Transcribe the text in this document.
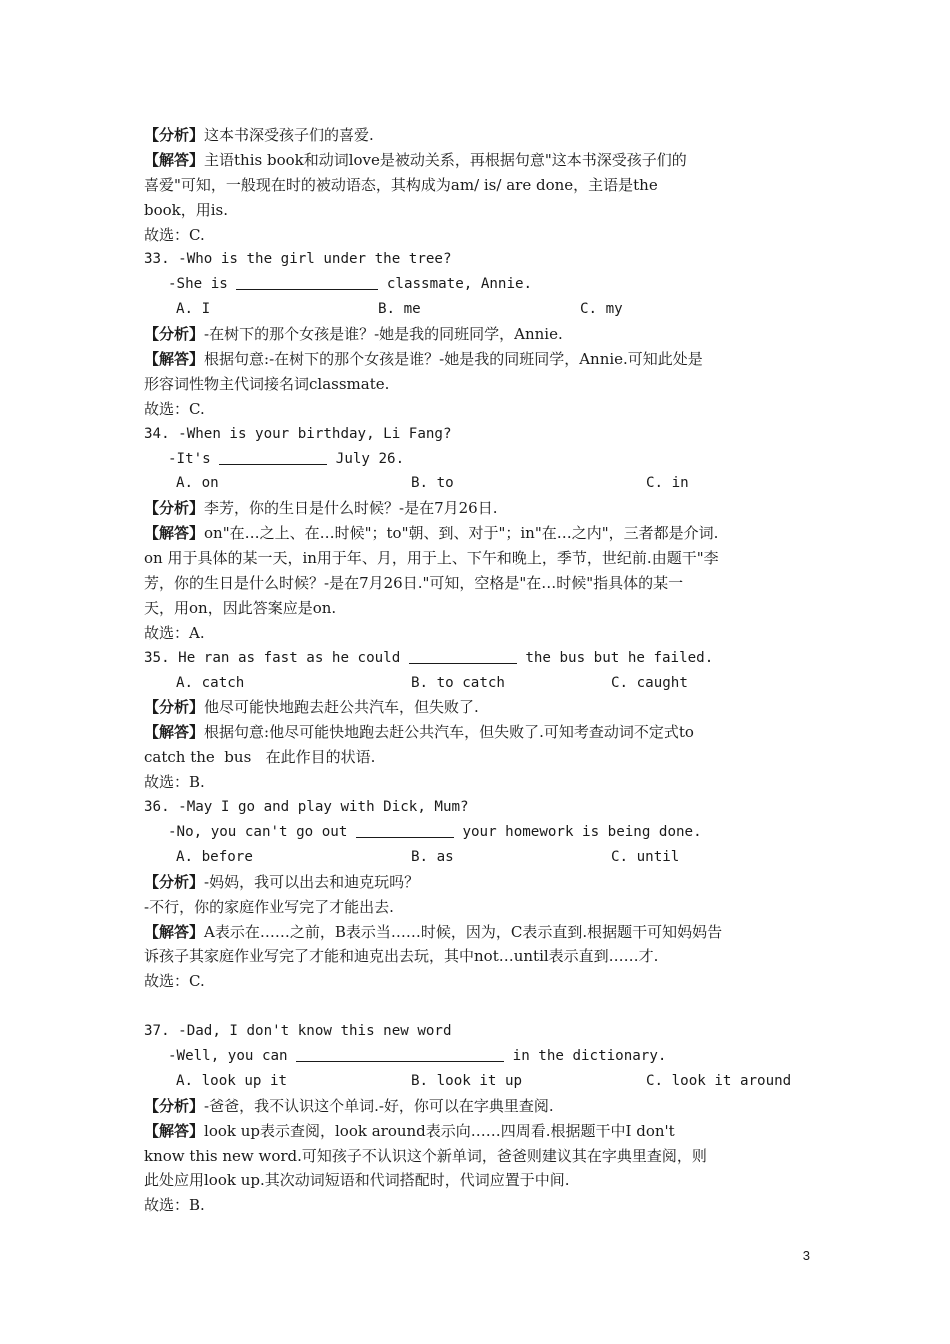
【分析】这本书深受孩子们的喜爱.
【解答】主语this book和动词love是被动关系，再根据句意"这本书深受孩子们的
喜爱"可知，一般现在时的被动语态，其构成为am/ is/ are done，主语是the
book，用is.
故选：C.
33. -Who is the girl under the tree?
-She is	classmate, Annie.
A. I	B. me	C. my
【分析】-在树下的那个女孩是谁？-她是我的同班同学，Annie.
【解答】根据句意:-在树下的那个女孩是谁？-她是我的同班同学，Annie.可知此处是
形容词性物主代词接名词classmate.
故选：C.
34. -When is your birthday, Li Fang?
-It's	July 26.
A. on	B. to	C. in
【分析】李芳，你的生日是什么时候？-是在7月26日.
【解答】on"在…之上、在…时候"；to"朝、到、对于"；in"在…之内"，三者都是介词.
on 用于具体的某一天，in用于年、月，用于上、下午和晚上，季节，世纪前.由题干"李
芳，你的生日是什么时候？-是在7月26日."可知，空格是"在…时候"指具体的某一
天，用on，因此答案应是on.
故选：A.
35. He ran as fast as he could	the bus but he failed.
A. catch	B. to catch	C. caught
【分析】他尽可能快地跑去赶公共汽车，但失败了.
【解答】根据句意:他尽可能快地跑去赶公共汽车，但失败了.可知考查动词不定式to
catch the  bus   在此作目的状语.
故选：B.
36. -May I go and play with Dick, Mum?
-No, you can't go out	your homework is being done.
A. before	B. as	C. until
【分析】-妈妈，我可以出去和迪克玩吗？
-不行，你的家庭作业写完了才能出去.
【解答】A表示在……之前，B表示当……时候，因为，C表示直到.根据题干可知妈妈告
诉孩子其家庭作业写完了才能和迪克出去玩，其中not…until表示直到……才.
故选：C.
37. -Dad, I don't know this new word
-Well, you can	in the dictionary.
A. look up it	B. look it up	C. look it around
【分析】-爸爸，我不认识这个单词.-好，你可以在字典里查阅.
【解答】look up表示查阅，look around表示向……四周看.根据题干中I don't
know this new word.可知孩子不认识这个新单词，爸爸则建议其在字典里查阅，则
此处应用look up.其次动词短语和代词搭配时，代词应置于中间.
故选：B.
3
